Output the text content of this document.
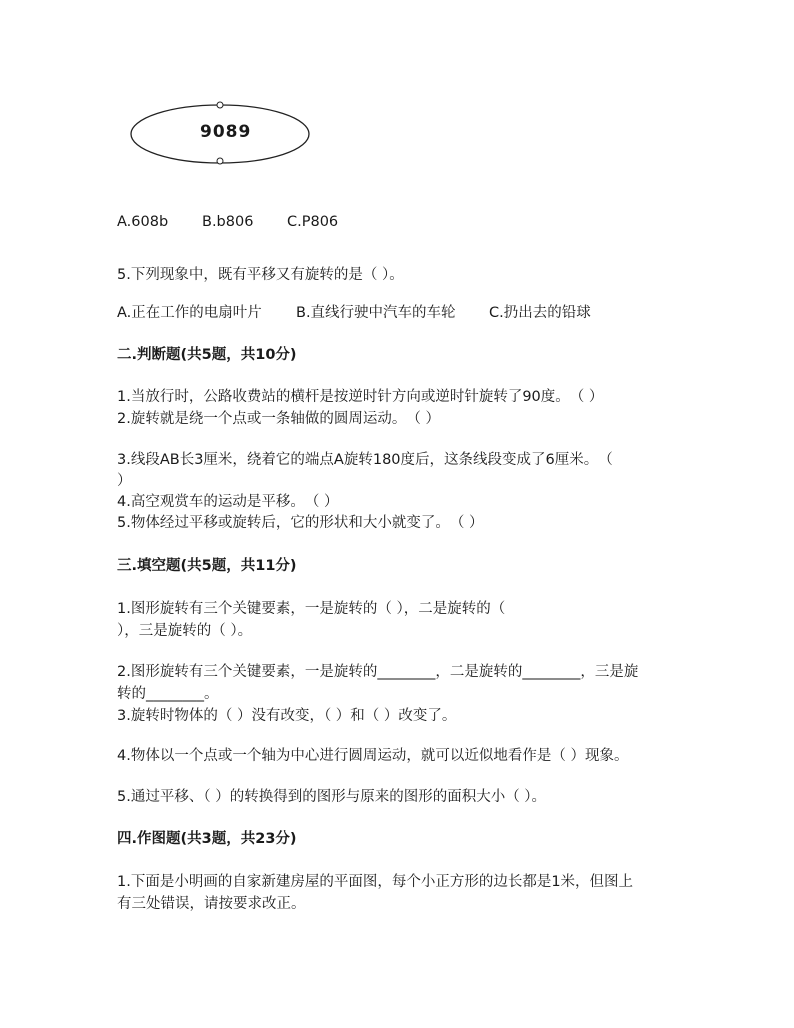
9089
A.608b B.b806 C.P806
5.下列现象中，既有平移又有旋转的是（ ）。
A.正在工作的电扇叶片 B.直线行驶中汽车的车轮 C.扔出去的铅球
二.判断题(共5题，共10分)
1.当放行时，公路收费站的横杆是按逆时针方向或逆时针旋转了90度。　（ ）
2.旋转就是绕一个点或一条轴做的圆周运动。　（ ）
3.线段AB长3厘米，绕着它的端点A旋转180度后，这条线段变成了6厘米。　（
）
4.高空观赏车的运动是平移。　（ ）
5.物体经过平移或旋转后，它的形状和大小就变了。　（ ）
三.填空题(共5题，共11分)
1.图形旋转有三个关键要素，一是旋转的（ ），二是旋转的（
），三是旋转的（ ）。
2.图形旋转有三个关键要素，一是旋转的________，二是旋转的________，三是旋
转的________。
3.旋转时物体的（ ）没有改变，（ ）和（ ）改变了。
4.物体以一个点或一个轴为中心进行圆周运动，就可以近似地看作是（ ）现象。
5.通过平移、（ ）的转换得到的图形与原来的图形的面积大小（ ）。
四.作图题(共3题，共23分)
1.下面是小明画的自家新建房屋的平面图，每个小正方形的边长都是1米，但图上
有三处错误，请按要求改正。
